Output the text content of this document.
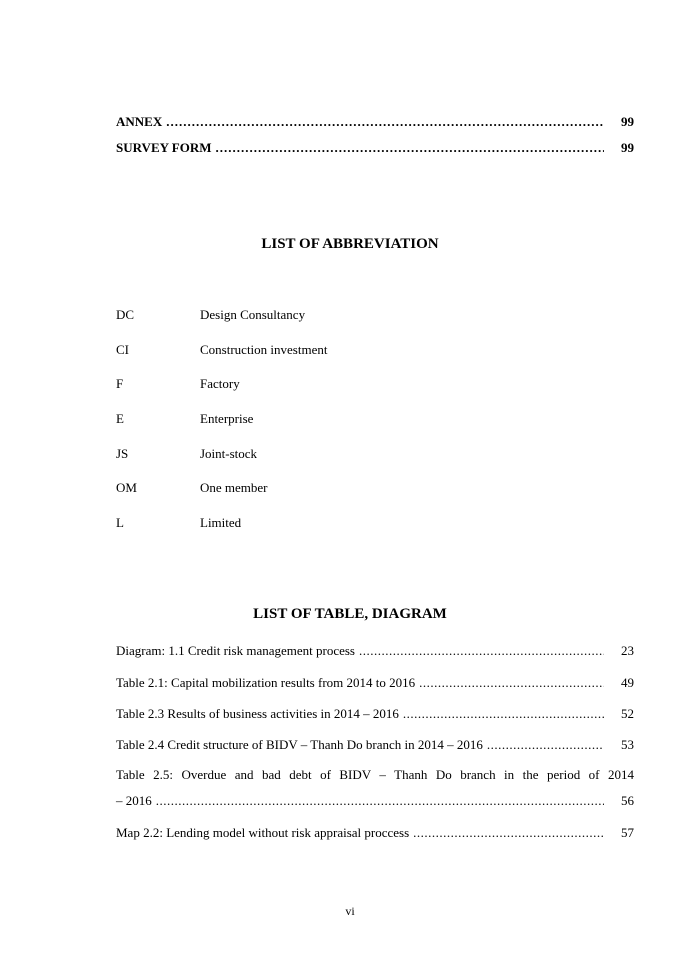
ANNEX .....	99
SURVEY FORM .....	99
LIST OF ABBREVIATION
DC	Design Consultancy
CI	Construction investment
F	Factory
E	Enterprise
JS	Joint-stock
OM	One member
L	Limited
LIST OF TABLE, DIAGRAM
Diagram: 1.1 Credit risk management process .....	23
Table 2.1: Capital mobilization results from 2014 to 2016 .....	49
Table 2.3 Results of business activities in 2014 – 2016 .....	52
Table 2.4 Credit structure of BIDV – Thanh Do branch in 2014 – 2016 .....	53
Table 2.5: Overdue and bad debt of BIDV – Thanh Do branch in the period of 2014
– 2016 .....	56
Map 2.2: Lending model without risk appraisal proccess .....	57
vi
